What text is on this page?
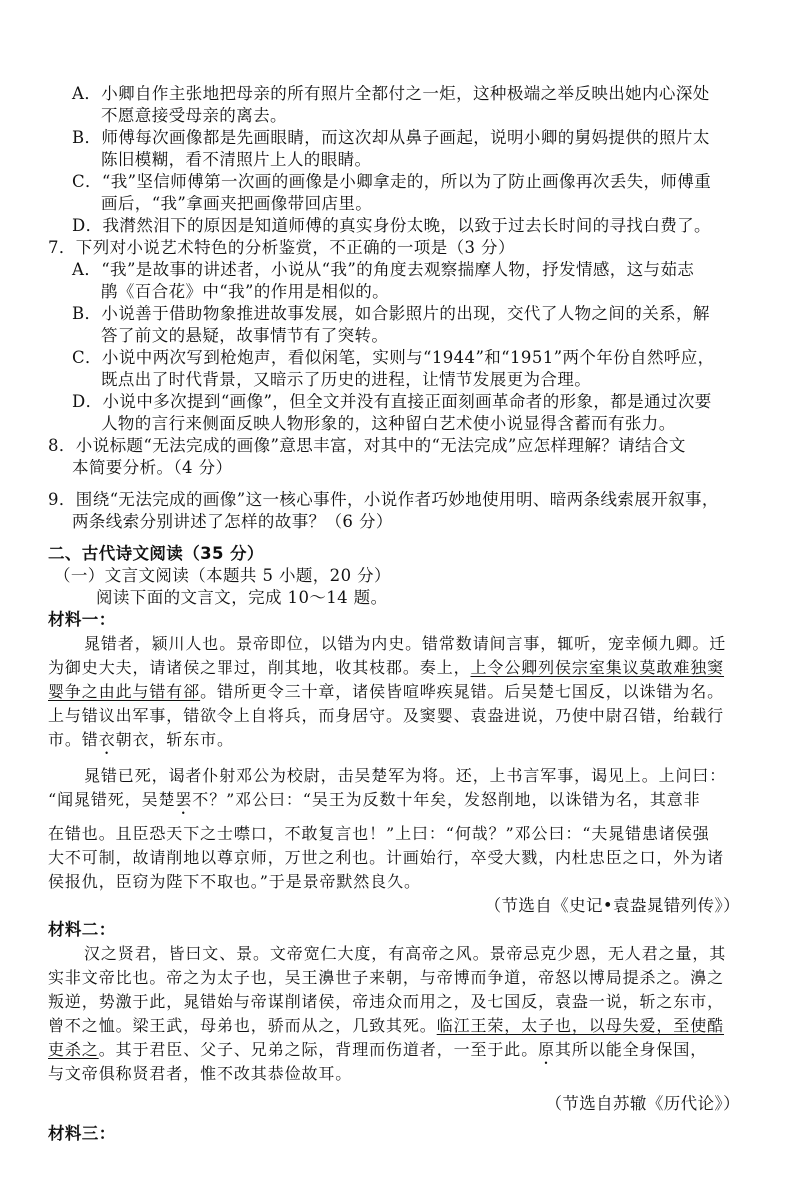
A．小卿自作主张地把母亲的所有照片全都付之一炬，这种极端之举反映出她内心深处

不愿意接受母亲的离去。

B．师傅每次画像都是先画眼睛，而这次却从鼻子画起，说明小卿的舅妈提供的照片太

陈旧模糊，看不清照片上人的眼睛。

C．“我”坚信师傅第一次画的画像是小卿拿走的，所以为了防止画像再次丢失，师傅重

画后，“我”拿画夹把画像带回店里。

D．我潸然泪下的原因是知道师傅的真实身份太晚，以致于过去长时间的寻找白费了。

7．下列对小说艺术特色的分析鉴赏，不正确的一项是（3 分）

A．“我”是故事的讲述者，小说从“我”的角度去观察揣摩人物，抒发情感，这与茹志

鹃《百合花》中“我”的作用是相似的。

B．小说善于借助物象推进故事发展，如合影照片的出现，交代了人物之间的关系，解

答了前文的悬疑，故事情节有了突转。

C．小说中两次写到枪炮声，看似闲笔，实则与“1944”和“1951”两个年份自然呼应，

既点出了时代背景，又暗示了历史的进程，让情节发展更为合理。

D．小说中多次提到“画像”，但全文并没有直接正面刻画革命者的形象，都是通过次要

人物的言行来侧面反映人物形象的，这种留白艺术使小说显得含蓄而有张力。

8．小说标题“无法完成的画像”意思丰富，对其中的“无法完成”应怎样理解？请结合文

本简要分析。（4 分）

9．围绕“无法完成的画像”这一核心事件，小说作者巧妙地使用明、暗两条线索展开叙事，

两条线索分别讲述了怎样的故事？（6 分）

二、古代诗文阅读（35 分）

（一）文言文阅读（本题共 5 小题，20 分）

阅读下面的文言文，完成 10～14 题。

材料一：

晁错者，颍川人也。景帝即位，以错为内史。错常数请间言事，辄听，宠幸倾九卿。迁

为御史大夫，请诸侯之罪过，削其地，收其枝郡。奏上，上令公卿列侯宗室集议莫敢难独窦

婴争之由此与错有郤。错所更令三十章，诸侯皆喧哗疾晁错。后吴楚七国反，以诛错为名。

上与错议出军事，错欲令上自将兵，而身居守。及窦婴、袁盎进说，乃使中尉召错，绐载行

市。错衣朝衣，斩东市。

晁错已死，谒者仆射邓公为校尉，击吴楚军为将。还，上书言军事，谒见上。上问曰：

“闻晁错死，吴楚罢不？”邓公曰：“吴王为反数十年矣，发怒削地，以诛错为名，其意非

在错也。且臣恐天下之士噤口，不敢复言也！”上曰：“何哉？”邓公曰：“夫晁错患诸侯强

大不可制，故请削地以尊京师，万世之利也。计画始行，卒受大戮，内杜忠臣之口，外为诸

侯报仇，臣窃为陛下不取也。”于是景帝默然良久。

（节选自《史记•袁盎晁错列传》）

材料二：

汉之贤君，皆曰文、景。文帝宽仁大度，有高帝之风。景帝忌克少恩，无人君之量，其

实非文帝比也。帝之为太子也，吴王濞世子来朝，与帝博而争道，帝怒以博局提杀之。濞之

叛逆，势激于此，晁错始与帝谋削诸侯，帝违众而用之，及七国反，袁盎一说，斩之东市，

曾不之恤。梁王武，母弟也，骄而从之，几致其死。临江王荣，太子也，以母失爱，至使酷

吏杀之。其于君臣、父子、兄弟之际，背理而伤道者，一至于此。原其所以能全身保国，

与文帝俱称贤君者，惟不改其恭俭故耳。

（节选自苏辙《历代论》）

材料三：
